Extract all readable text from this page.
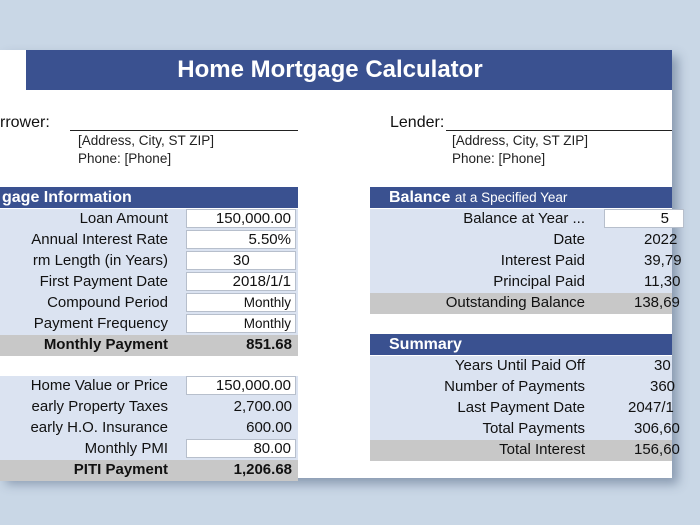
Home Mortgage Calculator
rrower:
[Address, City, ST ZIP]
Phone: [Phone]
Lender:
[Address, City, ST ZIP]
Phone: [Phone]
gage Information
Loan Amount	150,000.00
Annual Interest Rate	5.50%
rm Length (in Years)	30
First Payment Date	2018/1/1
Compound Period	Monthly
Payment Frequency	Monthly
Monthly Payment	851.68
Home Value or Price	150,000.00
early Property Taxes	2,700.00
early H.O. Insurance	600.00
Monthly PMI	80.00
PITI Payment	1,206.68
Balance at a Specified Year
Balance at Year ...	5
Date	2022
Interest Paid	39,79
Principal Paid	11,30
Outstanding Balance	138,69
Summary
Years Until Paid Off	30
Number of Payments	360
Last Payment Date	2047/1
Total Payments	306,60
Total Interest	156,60
